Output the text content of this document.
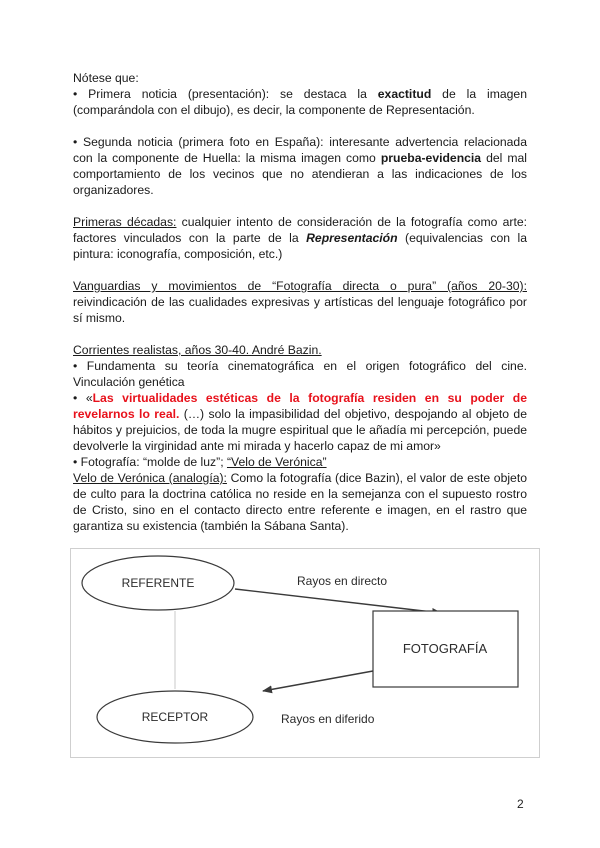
Nótese que:

• Primera noticia (presentación): se destaca la exactitud de la imagen (comparándola con el dibujo), es decir, la componente de Representación.

• Segunda noticia (primera foto en España): interesante advertencia relacionada con la componente de Huella: la misma imagen como prueba-evidencia del mal comportamiento de los vecinos que no atendieran a las indicaciones de los organizadores.

Primeras décadas: cualquier intento de consideración de la fotografía como arte: factores vinculados con la parte de la Representación (equivalencias con la pintura: iconografía, composición, etc.)

Vanguardias y movimientos de “Fotografía directa o pura” (años 20-30): reivindicación de las cualidades expresivas y artísticas del lenguaje fotográfico por sí mismo.

Corrientes realistas, años 30-40. André Bazin.

• Fundamenta su teoría cinematográfica en el origen fotográfico del cine. Vinculación genética

• «Las virtualidades estéticas de la fotografía residen en su poder de revelarnos lo real. (…) solo la impasibilidad del objetivo, despojando al objeto de hábitos y prejuicios, de toda la mugre espiritual que le añadía mi percepción, puede devolverle la virginidad ante mi mirada y hacerlo capaz de mi amor»

• Fotografía: “molde de luz”; “Velo de Verónica”

Velo de Verónica (analogía): Como la fotografía (dice Bazin), el valor de este objeto de culto para la doctrina católica no reside en la semejanza con el supuesto rostro de Cristo, sino en el contacto directo entre referente e imagen, en el rastro que garantiza su existencia (también la Sábana Santa).

REFERENTE	Rayos en directo
FOTOGRAFÍA
Rayos en diferido
RECEPTOR
2
